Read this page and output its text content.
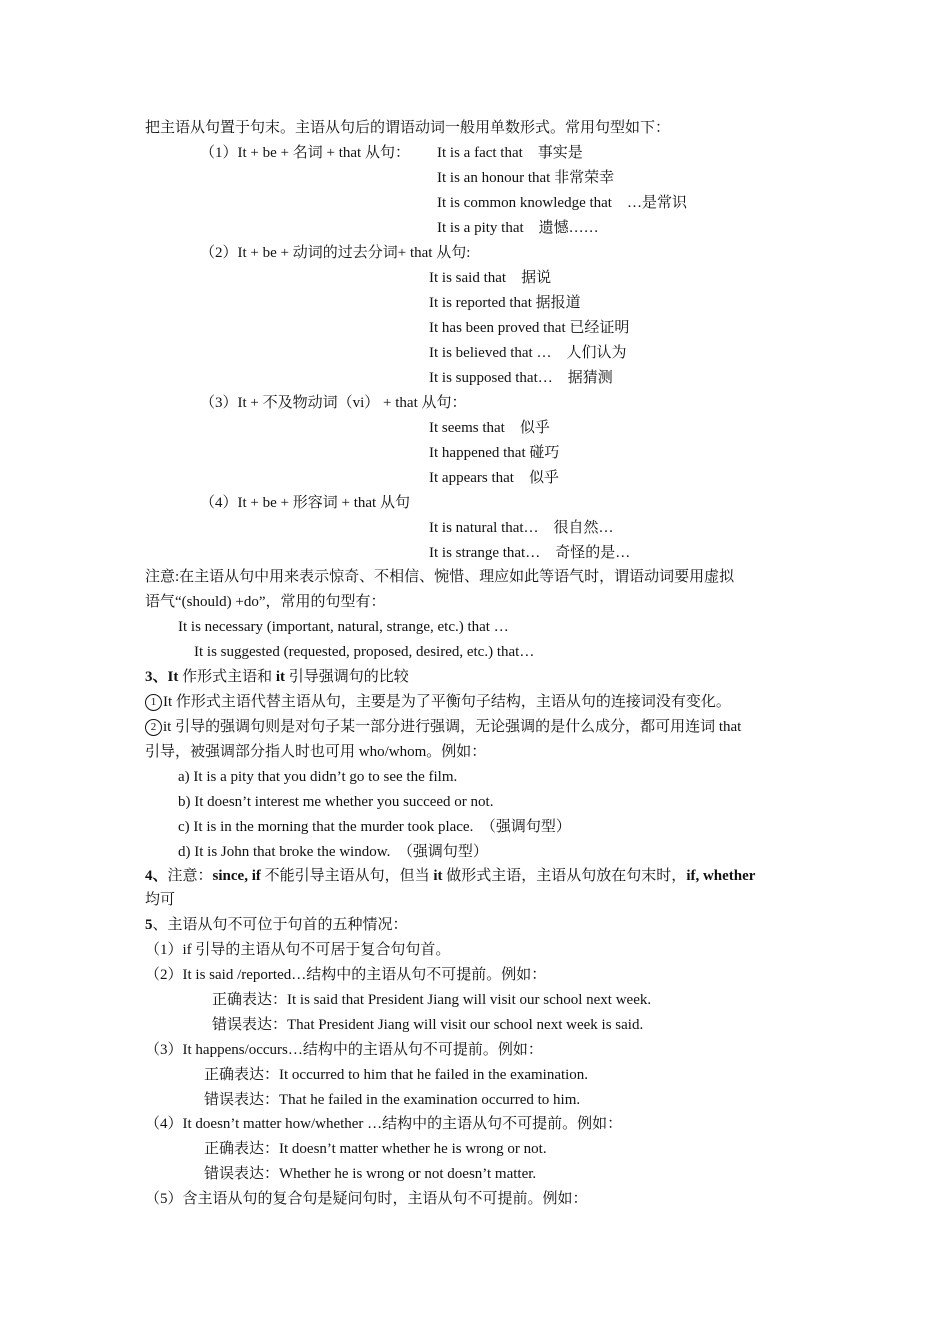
把主语从句置于句末。主语从句后的谓语动词一般用单数形式。常用句型如下：
（1）It + be + 名词 + that 从句： It is a fact that　事实是
It is an honour that 非常荣幸
It is common knowledge that　…是常识
It is a pity that　遗憾……
（2）It + be + 动词的过去分词+ that 从句:
It is said that　据说
It is reported that 据报道
It has been proved that 已经证明
It is believed that …　人们认为
It is supposed that…　据猜测
（3）It + 不及物动词（vi） + that 从句：
It seems that　似乎
It happened that 碰巧
It appears that　似乎
（4）It + be + 形容词 + that 从句
It is natural that…　很自然…
It is strange that…　奇怪的是…
注意:在主语从句中用来表示惊奇、不相信、惋惜、理应如此等语气时，谓语动词要用虚拟
语气“(should) +do”，常用的句型有：
It is necessary (important, natural, strange, etc.) that …
It is suggested (requested, proposed, desired, etc.) that…
3、It 作形式主语和 it 引导强调句的比较
1 It 作形式主语代替主语从句，主要是为了平衡句子结构，主语从句的连接词没有变化。
2 it 引导的强调句则是对句子某一部分进行强调，无论强调的是什么成分，都可用连词 that
引导，被强调部分指人时也可用 who/whom。例如：
a) It is a pity that you didn’t go to see the film.
b) It doesn’t interest me whether you succeed or not.
c) It is in the morning that the murder took place.　（强调句型）
d) It is John that broke the window.　（强调句型）
4、注意：since, if 不能引导主语从句，但当 it 做形式主语，主语从句放在句末时，if, whether
均可
5、主语从句不可位于句首的五种情况：
（1）if 引导的主语从句不可居于复合句句首。
（2）It is said /reported…结构中的主语从句不可提前。例如：
正确表达：It is said that President Jiang will visit our school next week.
错误表达：That President Jiang will visit our school next week is said.
（3）It happens/occurs…结构中的主语从句不可提前。例如：
正确表达：It occurred to him that he failed in the examination.
错误表达：That he failed in the examination occurred to him.
（4）It doesn’t matter how/whether …结构中的主语从句不可提前。例如：
正确表达：It doesn’t matter whether he is wrong or not.
错误表达：Whether he is wrong or not doesn’t matter.
（5）含主语从句的复合句是疑问句时，主语从句不可提前。例如：
